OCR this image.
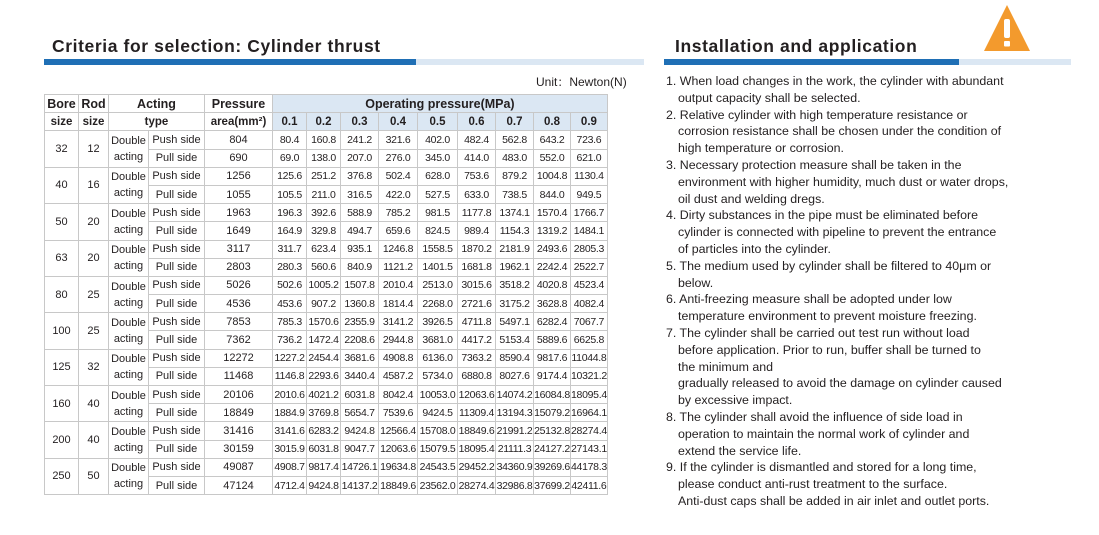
Criteria for selection: Cylinder thrust	Installation and application
Unit：Newton(N)
Bore	Rod	Acting		Pressure	Operating pressure(MPa)								
size	size	type		area(mm²)	0.1	0.2	0.3	0.4	0.5	0.6	0.7	0.8	0.9
32	12	Double acting	Push side	804	80.4	160.8	241.2	321.6	402.0	482.4	562.8	643.2	723.6
			Pull side	690	69.0	138.0	207.0	276.0	345.0	414.0	483.0	552.0	621.0
40	16	Double acting	Push side	1256	125.6	251.2	376.8	502.4	628.0	753.6	879.2	1004.8	1130.4
			Pull side	1055	105.5	211.0	316.5	422.0	527.5	633.0	738.5	844.0	949.5
50	20	Double acting	Push side	1963	196.3	392.6	588.9	785.2	981.5	1177.8	1374.1	1570.4	1766.7
			Pull side	1649	164.9	329.8	494.7	659.6	824.5	989.4	1154.3	1319.2	1484.1
63	20	Double acting	Push side	3117	311.7	623.4	935.1	1246.8	1558.5	1870.2	2181.9	2493.6	2805.3
			Pull side	2803	280.3	560.6	840.9	1121.2	1401.5	1681.8	1962.1	2242.4	2522.7
80	25	Double acting	Push side	5026	502.6	1005.2	1507.8	2010.4	2513.0	3015.6	3518.2	4020.8	4523.4
			Pull side	4536	453.6	907.2	1360.8	1814.4	2268.0	2721.6	3175.2	3628.8	4082.4
100	25	Double acting	Push side	7853	785.3	1570.6	2355.9	3141.2	3926.5	4711.8	5497.1	6282.4	7067.7
			Pull side	7362	736.2	1472.4	2208.6	2944.8	3681.0	4417.2	5153.4	5889.6	6625.8
125	32	Double acting	Push side	12272	1227.2	2454.4	3681.6	4908.8	6136.0	7363.2	8590.4	9817.6	11044.8
			Pull side	11468	1146.8	2293.6	3440.4	4587.2	5734.0	6880.8	8027.6	9174.4	10321.2
160	40	Double acting	Push side	20106	2010.6	4021.2	6031.8	8042.4	10053.0	12063.6	14074.2	16084.8	18095.4
			Pull side	18849	1884.9	3769.8	5654.7	7539.6	9424.5	11309.4	13194.3	15079.2	16964.1
200	40	Double acting	Push side	31416	3141.6	6283.2	9424.8	12566.4	15708.0	18849.6	21991.2	25132.8	28274.4
			Pull side	30159	3015.9	6031.8	9047.7	12063.6	15079.5	18095.4	21111.3	24127.2	27143.1
250	50	Double acting	Push side	49087	4908.7	9817.4	14726.1	19634.8	24543.5	29452.2	34360.9	39269.6	44178.3
			Pull side	47124	4712.4	9424.8	14137.2	18849.6	23562.0	28274.4	32986.8	37699.2	42411.6
1. When load changes in the work, the cylinder with abundant
output capacity shall be selected.
2. Relative cylinder with high temperature resistance or
corrosion resistance shall be chosen under the condition of
high temperature or corrosion.
3. Necessary protection measure shall be taken in the
environment with higher humidity, much dust or water drops,
oil dust and welding dregs.
4. Dirty substances in the pipe must be eliminated before
cylinder is connected with pipeline to prevent the entrance
of particles into the cylinder.
5. The medium used by cylinder shall be filtered to 40μm or
below.
6. Anti-freezing measure shall be adopted under low
temperature environment to prevent moisture freezing.
7. The cylinder shall be carried out test run without load
before application. Prior to run, buffer shall be turned to
the minimum and
gradually released to avoid the damage on cylinder caused
by excessive impact.
8. The cylinder shall avoid the influence of side load in
operation to maintain the normal work of cylinder and
extend the service life.
9. If the cylinder is dismantled and stored for a long time,
please conduct anti-rust treatment to the surface.
Anti-dust caps shall be added in air inlet and outlet ports.
